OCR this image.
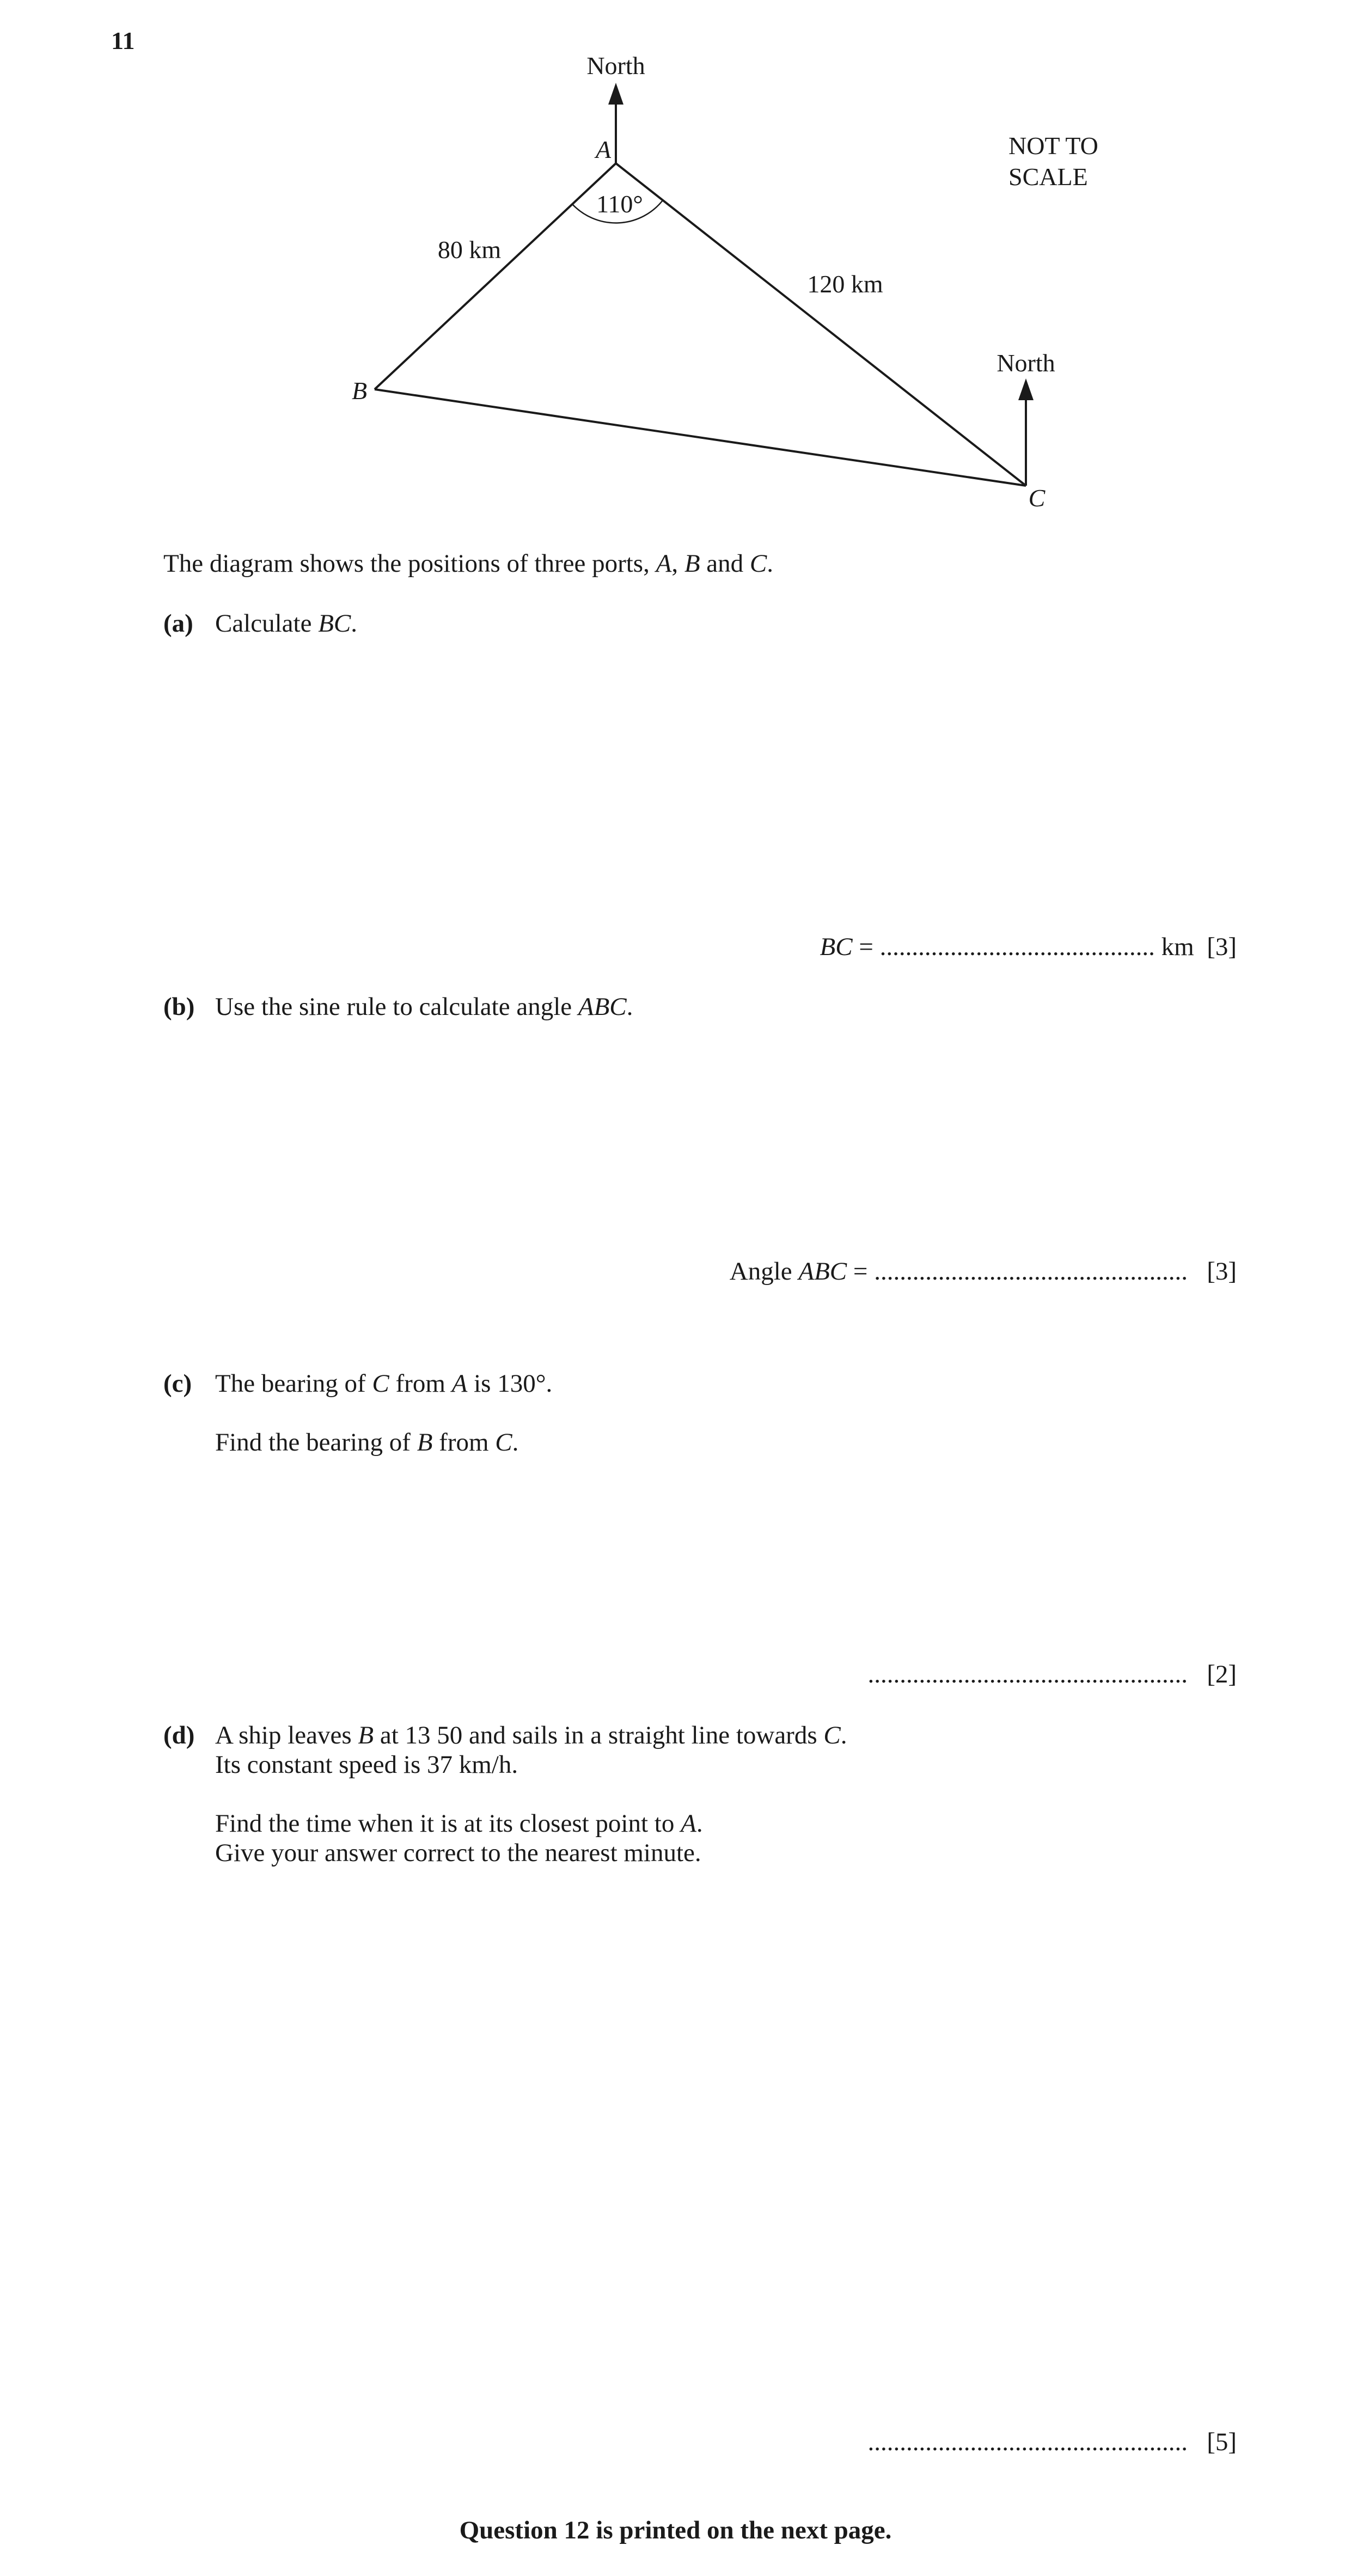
11
North
North
A
B
C
110°
80 km
120 km
NOT TO
SCALE
The diagram shows the positions of three ports, A, B and C.
(a) Calculate BC.
BC = ........................................... km [3]
(b) Use the sine rule to calculate angle ABC.
Angle ABC = ................................................. [3]
(c) The bearing of C from A is 130°.
Find the bearing of B from C.
.................................................. [2]
(d) A ship leaves B at 13 50 and sails in a straight line towards C.
Its constant speed is 37 km/h.
Find the time when it is at its closest point to A.
Give your answer correct to the nearest minute.
.................................................. [5]
Question 12 is printed on the next page.
